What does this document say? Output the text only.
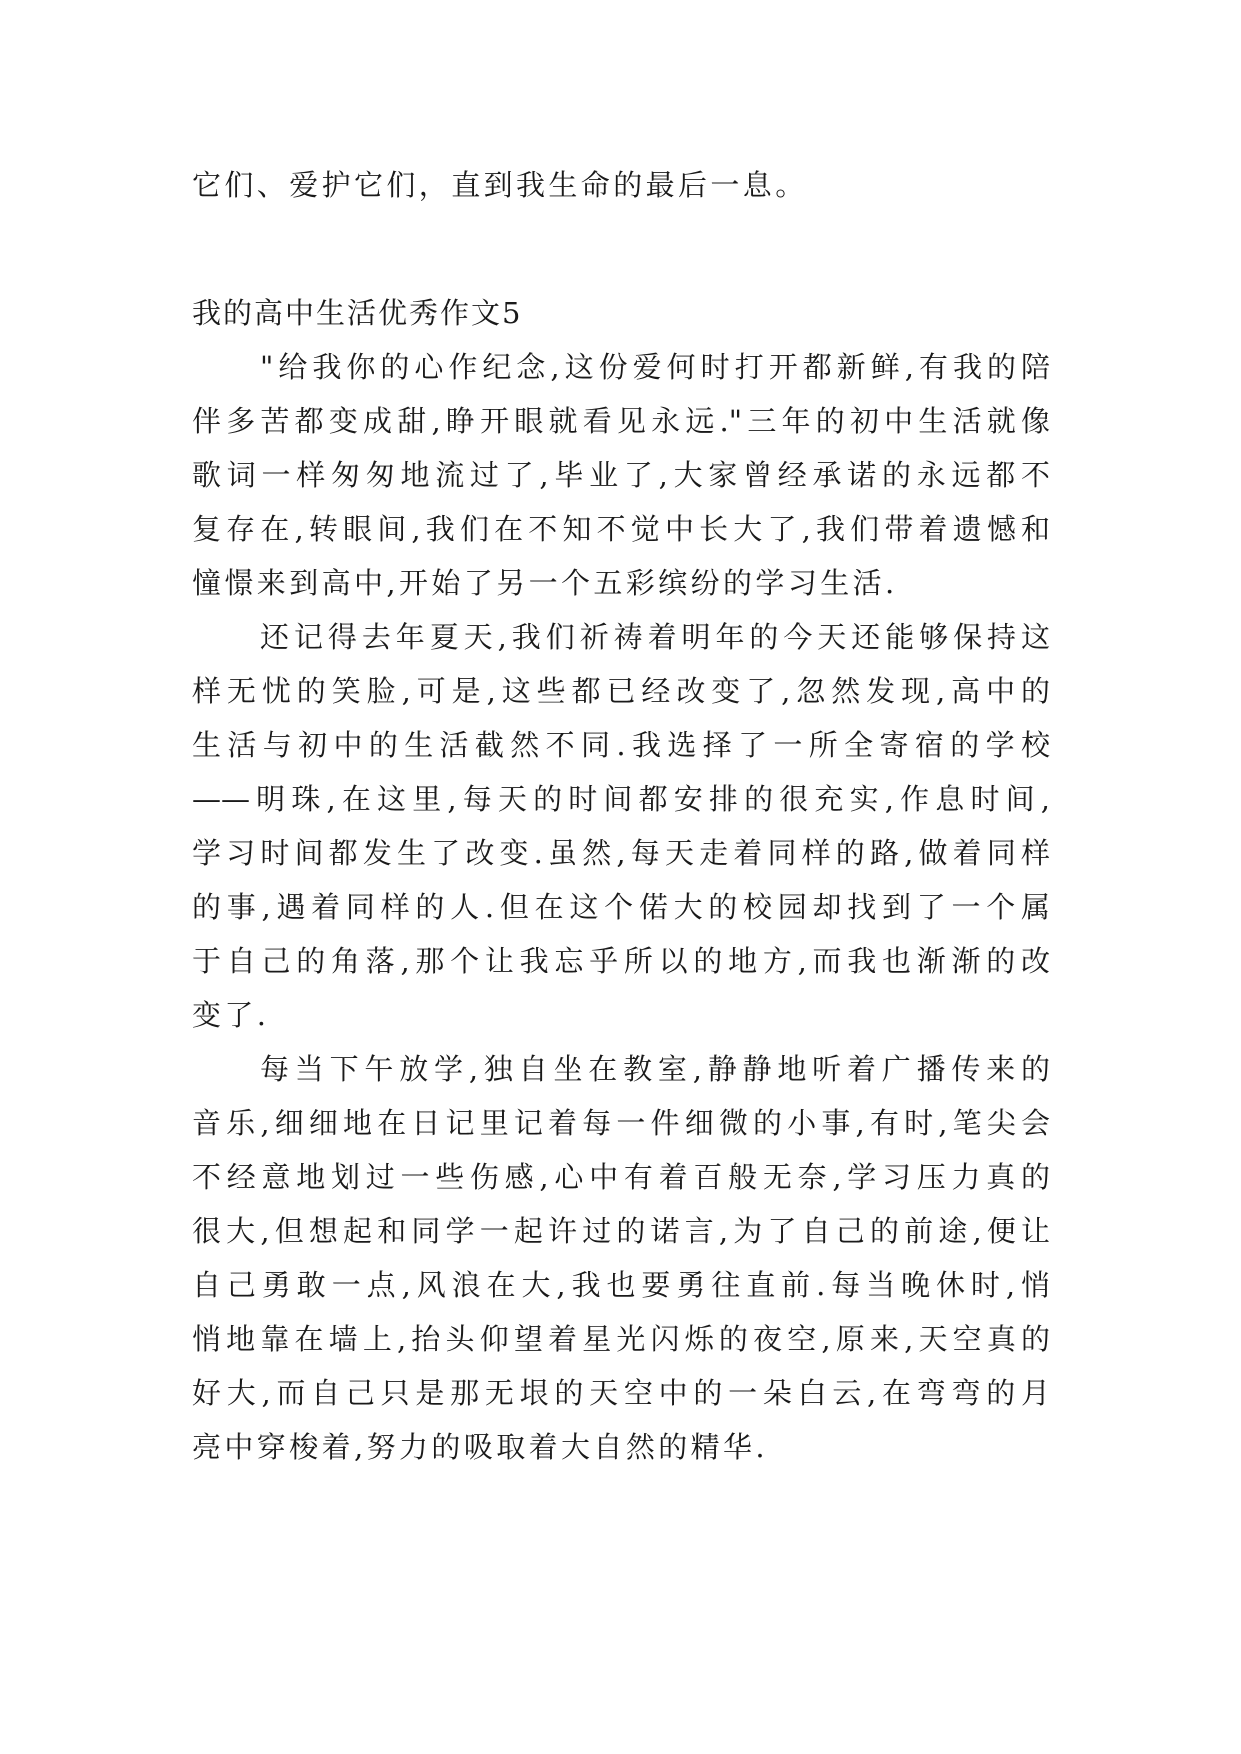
它们、爱护它们，直到我生命的最后一息。
我的高中生活优秀作文5
"给我你的心作纪念,这份爱何时打开都新鲜,有我的陪
伴多苦都变成甜,睁开眼就看见永远."三年的初中生活就像
歌词一样匆匆地流过了,毕业了,大家曾经承诺的永远都不
复存在,转眼间,我们在不知不觉中长大了,我们带着遗憾和
憧憬来到高中,开始了另一个五彩缤纷的学习生活.
还记得去年夏天,我们祈祷着明年的今天还能够保持这
样无忧的笑脸,可是,这些都已经改变了,忽然发现,高中的
生活与初中的生活截然不同.我选择了一所全寄宿的学校
——明珠,在这里,每天的时间都安排的很充实,作息时间,
学习时间都发生了改变.虽然,每天走着同样的路,做着同样
的事,遇着同样的人.但在这个偌大的校园却找到了一个属
于自己的角落,那个让我忘乎所以的地方,而我也渐渐的改
变了.
每当下午放学,独自坐在教室,静静地听着广播传来的
音乐,细细地在日记里记着每一件细微的小事,有时,笔尖会
不经意地划过一些伤感,心中有着百般无奈,学习压力真的
很大,但想起和同学一起许过的诺言,为了自己的前途,便让
自己勇敢一点,风浪在大,我也要勇往直前.每当晚休时,悄
悄地靠在墙上,抬头仰望着星光闪烁的夜空,原来,天空真的
好大,而自己只是那无垠的天空中的一朵白云,在弯弯的月
亮中穿梭着,努力的吸取着大自然的精华.
